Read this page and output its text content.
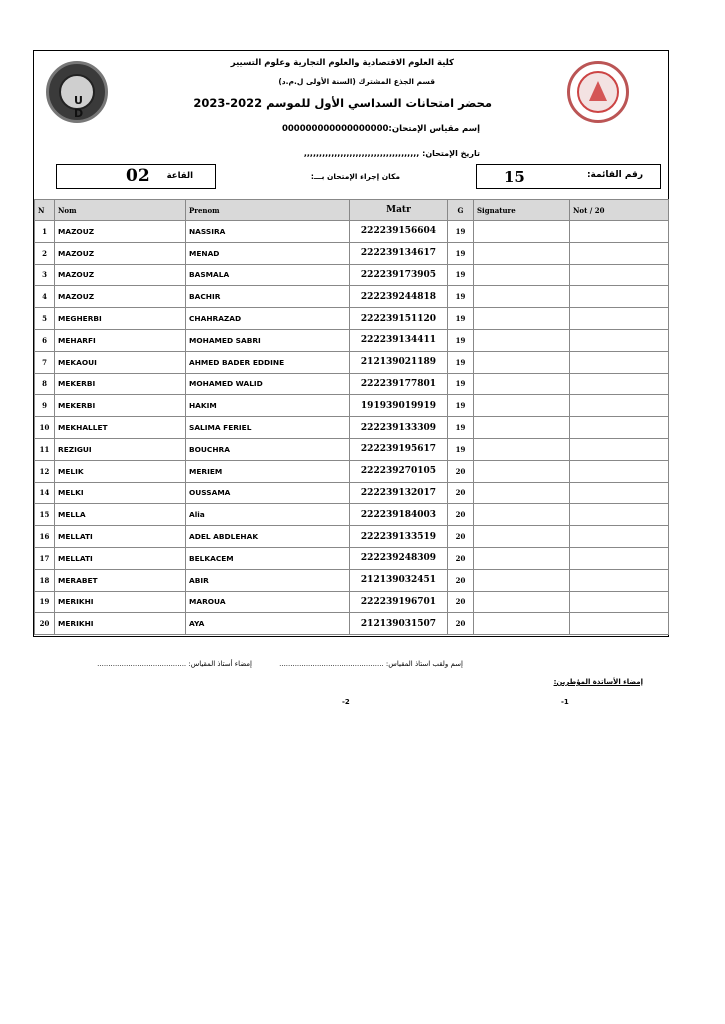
U D
كلية العلوم الاقتصادية والعلوم التجارية وعلوم التسيير
قسم الجذع المشترك (السنة الأولى ل.م.د)
محضر امتحانات السداسي الأول للموسم 2022-2023
إسم مقياس الإمتحان:000000000000000000
تاريخ الإمتحان: ,,,,,,,,,,,,,,,,,,,,,,,,,,,,,,,,,,,,,,
رقم القائمة:
15
مكان إجراء الإمتحان بـــ:
القاعة
02
N	Nom	Prenom	Matr	G	Signature	Not / 20
1	MAZOUZ	NASSIRA	222239156604	19		
2	MAZOUZ	MENAD	222239134617	19		
3	MAZOUZ	BASMALA	222239173905	19		
4	MAZOUZ	BACHIR	222239244818	19		
5	MEGHERBI	CHAHRAZAD	222239151120	19		
6	MEHARFI	MOHAMED SABRI	222239134411	19		
7	MEKAOUI	AHMED BADER EDDINE	212139021189	19		
8	MEKERBI	MOHAMED WALID	222239177801	19		
9	MEKERBI	HAKIM	191939019919	19		
10	MEKHALLET	SALIMA FERIEL	222239133309	19		
11	REZIGUI	BOUCHRA	222239195617	19		
12	MELIK	MERIEM	222239270105	20		
14	MELKI	OUSSAMA	222239132017	20		
15	MELLA	Alia	222239184003	20		
16	MELLATI	ADEL ABDLEHAK	222239133519	20		
17	MELLATI	BELKACEM	222239248309	20		
18	MERABET	ABIR	212139032451	20		
19	MERIKHI	MAROUA	222239196701	20		
20	MERIKHI	AYA	212139031507	20		
إسم ولقب استاذ المقياس: ...............................................
إمضاء أستاذ المقياس: ........................................
إمضاء الأساتذة المؤطرين:
-1
-2
